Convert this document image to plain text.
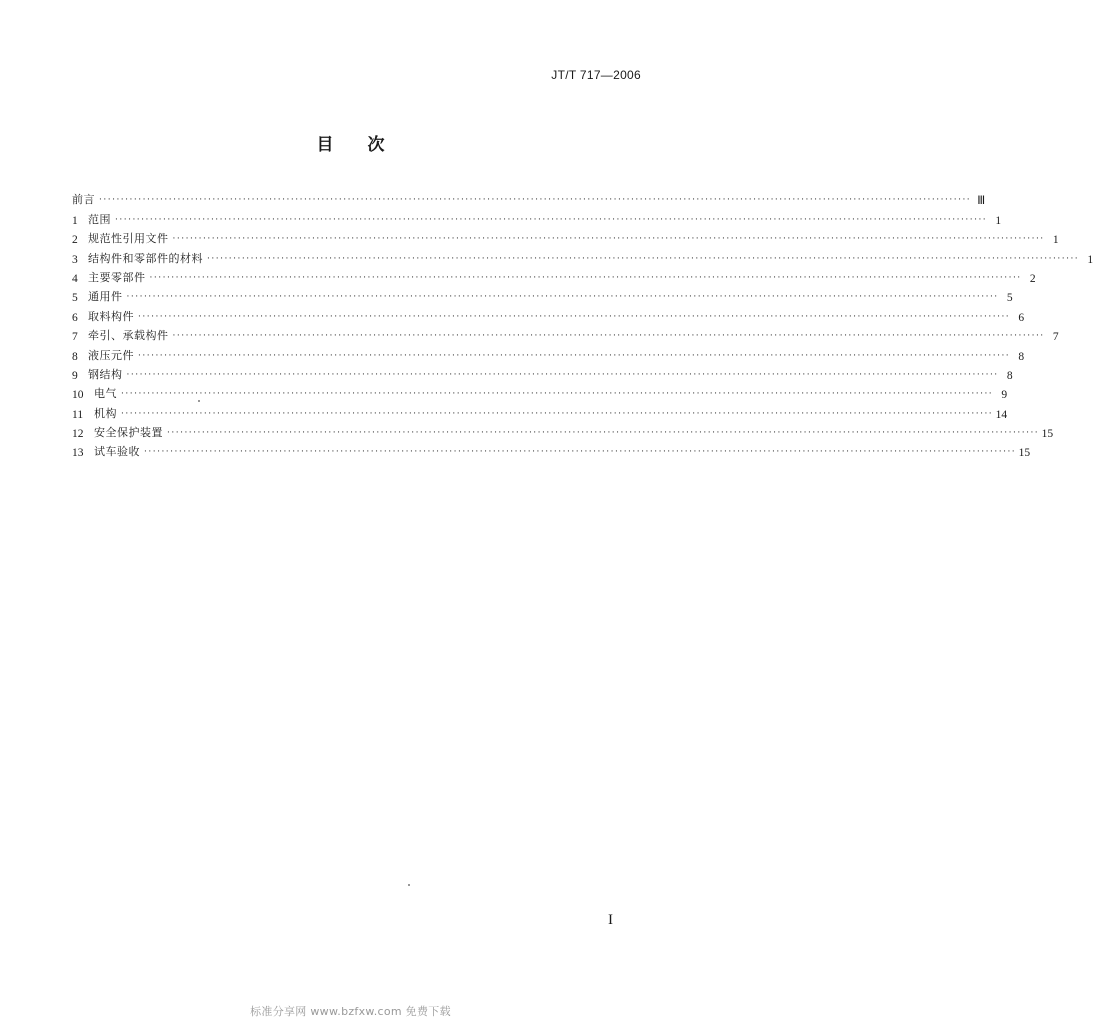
JT/T 717—2006
目次
前言 ········································································································································································································ Ⅲ
1 范围 ········································································································································································································ 1
2 规范性引用文件 ········································································································································································································ 1
3 结构件和零部件的材料 ········································································································································································································ 1
4 主要零部件 ········································································································································································································ 2
5 通用件 ········································································································································································································ 5
6 取料构件 ········································································································································································································ 6
7 牵引、承载构件 ········································································································································································································ 7
8 液压元件 ········································································································································································································ 8
9 钢结构 ········································································································································································································ 8
10 电气 ········································································································································································································ 9
11 机构 ········································································································································································································ 14
12 安全保护装置 ········································································································································································································ 15
13 试车验收 ········································································································································································································ 15
I
标准分享网 www.bzfxw.com 免费下载
